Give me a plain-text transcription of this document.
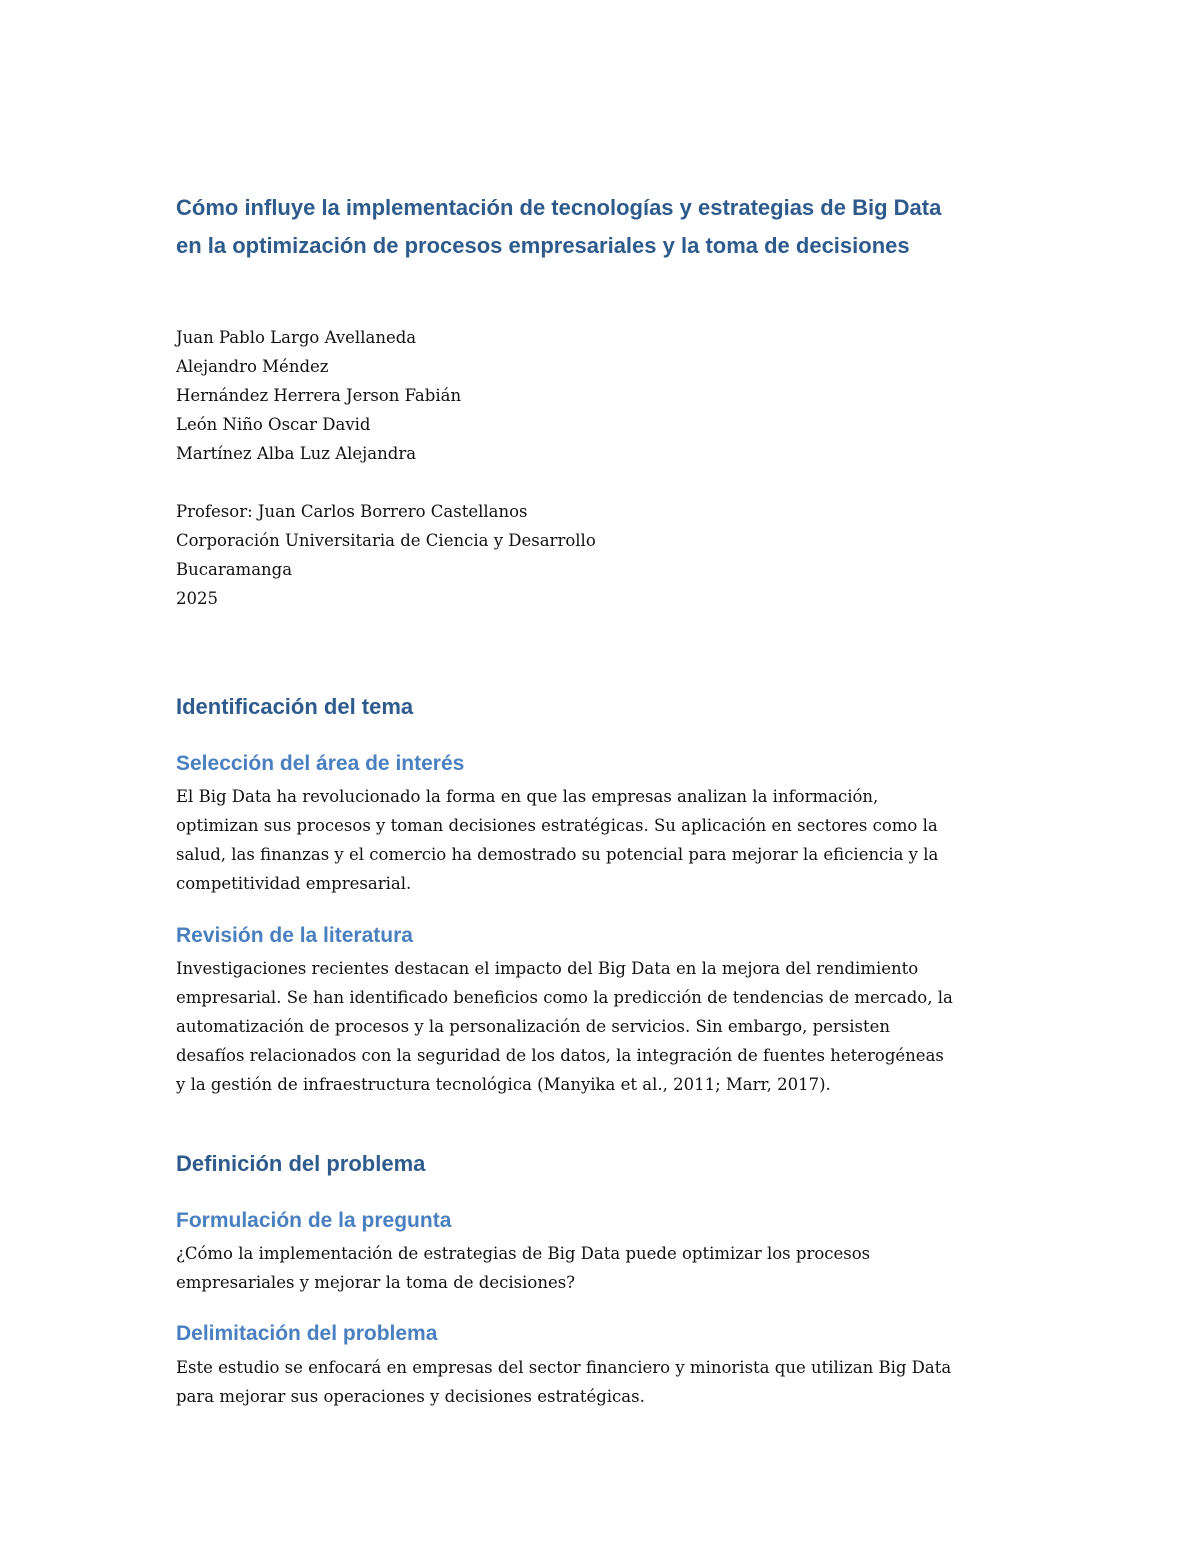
Cómo influye la implementación de tecnologías y estrategias de Big Data
en la optimización de procesos empresariales y la toma de decisiones
Juan Pablo Largo Avellaneda
Alejandro Méndez
Hernández Herrera Jerson Fabián
León Niño Oscar David
Martínez Alba Luz Alejandra
Profesor: Juan Carlos Borrero Castellanos
Corporación Universitaria de Ciencia y Desarrollo
Bucaramanga
2025
Identificación del tema
Selección del área de interés

El Big Data ha revolucionado la forma en que las empresas analizan la información,
optimizan sus procesos y toman decisiones estratégicas. Su aplicación en sectores como la
salud, las finanzas y el comercio ha demostrado su potencial para mejorar la eficiencia y la
competitividad empresarial.

Revisión de la literatura

Investigaciones recientes destacan el impacto del Big Data en la mejora del rendimiento
empresarial. Se han identificado beneficios como la predicción de tendencias de mercado, la
automatización de procesos y la personalización de servicios. Sin embargo, persisten
desafíos relacionados con la seguridad de los datos, la integración de fuentes heterogéneas
y la gestión de infraestructura tecnológica (Manyika et al., 2011; Marr, 2017).

Definición del problema
Formulación de la pregunta

¿Cómo la implementación de estrategias de Big Data puede optimizar los procesos
empresariales y mejorar la toma de decisiones?

Delimitación del problema

Este estudio se enfocará en empresas del sector financiero y minorista que utilizan Big Data
para mejorar sus operaciones y decisiones estratégicas.
